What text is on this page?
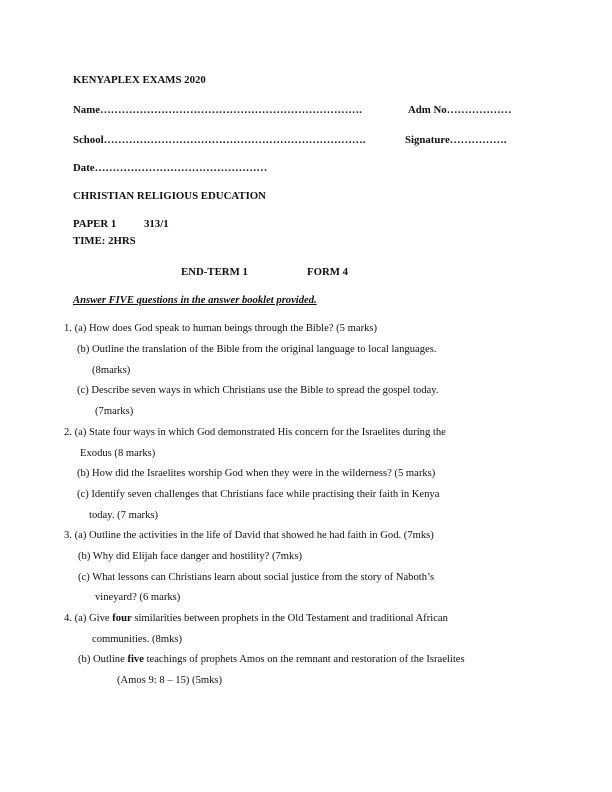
KENYAPLEX EXAMS 2020
Name……………………………………………………………….	Adm No………………
School……………………………………………………………….	Signature…………….
Date…………………………………………
CHRISTIAN RELIGIOUS EDUCATION
PAPER 1	313/1
TIME: 2HRS
END-TERM 1	FORM 4
Answer FIVE questions in the answer booklet provided.
1. (a) How does God speak to human beings through the Bible? (5 marks)
(b) Outline the translation of the Bible from the original language to local languages.
(8marks)
(c) Describe seven ways in which Christians use the Bible to spread the gospel today.
(7marks)
2. (a) State four ways in which God demonstrated His concern for the Israelites during the
Exodus (8 marks)
(b) How did the Israelites worship God when they were in the wilderness? (5 marks)
(c) Identify seven challenges that Christians face while practising their faith in Kenya
today. (7 marks)
3. (a) Outline the activities in the life of David that showed he had faith in God. (7mks)
(b) Why did Elijah face danger and hostility? (7mks)
(c) What lessons can Christians learn about social justice from the story of Naboth’s
vineyard? (6 marks)
4. (a) Give four similarities between prophets in the Old Testament and traditional African
communities. (8mks)
(b) Outline five teachings of prophets Amos on the remnant and restoration of the Israelites
(Amos 9: 8 – 15) (5mks)
